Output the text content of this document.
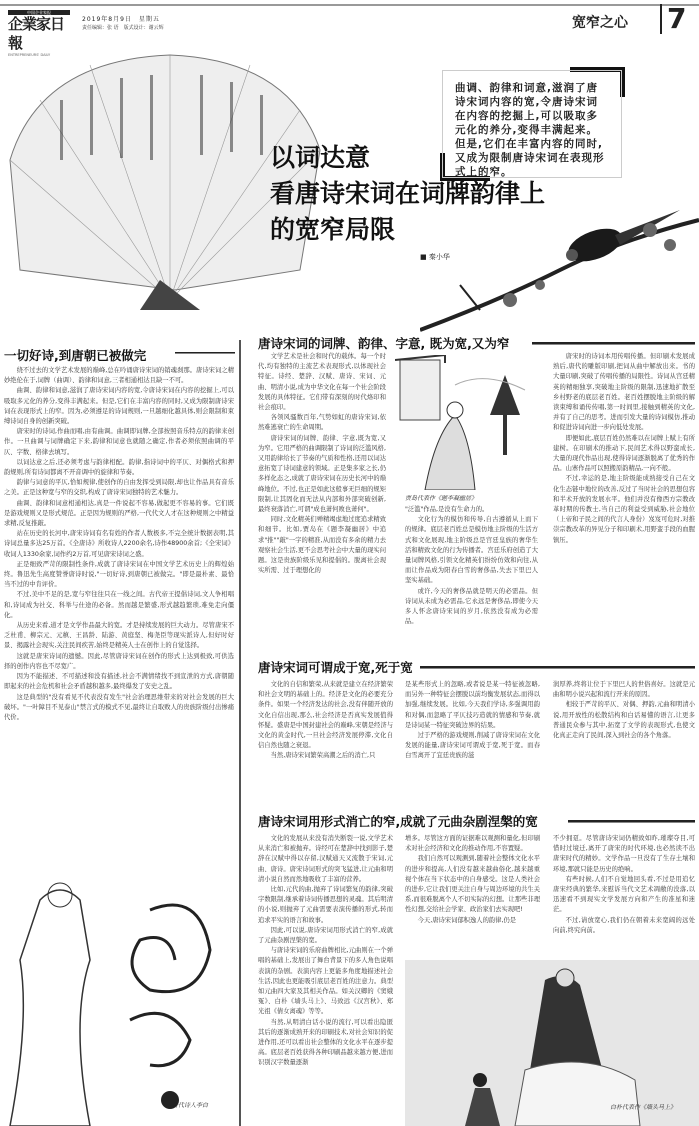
中国企业家报
企業家日報
ENTREPRENEURS' DAILY
2019年8月9日　星期五
责任编辑：张 语　版式设计：谢云辉	宽窄之心 7
以词达意
看唐诗宋词在词牌韵律上
的宽窄局限
■ 秦小华
曲调、韵律和词意,滋润了唐诗宋词内容的宽,令唐诗宋词在内容的挖掘上,可以吸取多元化的养分,变得丰满起来。但是,它们在丰富内容的同时,又成为限制唐诗宋词在表现形式上的窄。
一切好诗,到唐朝已被做完

绕不过去的文学艺术发展的巅峰,总在吟诵唐诗宋词的销魂刹那。唐诗宋词之精妙绝伦在于,词牌（曲调）、韵律和词意,三者相通相达且缺一不可。

曲调、韵律和词意,滋润了唐诗宋词内容的宽,令唐诗宋词在内容的挖掘上,可以吸取多元化的养分,变得丰满起来。但是,它们在丰富内容的同时,又成为限制唐诗宋词在表现形式上的窄。因为,必须遵足的诗词规则,一旦越细化越具体,则会限制和束缚诗词自身的创新突破。

唐宋时的诗词,作曲而唱,由有曲调。曲调即词牌,全部按照音乐特点的韵律来创作。一旦曲调与词牌确定下来,韵律和词意也就随之确定,作者必须依照曲调的平仄、字数、格律去填写。

以词达意之后,还必须考虑与韵律相配。韵律,指诗词中的平仄、对偶格式和押韵规则,所有诗词都离不开音调中的旋律和节奏。

韵律与词意的平仄,恰如规律,使创作的自由发挥受到局限,却也让作品具有音乐之美。正是这种宽与窄的交织,构成了唐诗宋词独特的艺术魅力。

曲调、韵律和词意相通相达,真是一件说起不容易,做起更不容易的事。它们既是游戏规则又是形式规范。正是因为规则的严格,一代代文人才在这种规则之中精益求精,反复推敲。

站在历史的长河中,唐宋诗词有名有姓的作者人数极多,不完全统计数据表明,其诗词总量多达25万首。《全唐诗》所收诗人2200余名,诗作48900余首;《全宋词》收词人1330余家,词作约2万首,可见唐宋诗词之盛。

正是细致严苛的限制性条件,成就了唐诗宋词在中国文学艺术历史上的辉煌始终。鲁迅先生高度赞誉唐诗时说,"一切好诗,到唐朝已被做完。"即是最朴素、最恰当不过的中肯评价。

不过,美中不足的是,宽与窄往往只在一线之间。古代帝王提倡诗词,文人争相唱和,诗词成为社交、科举与仕途的必备。然而越是繁盛,形式越趋繁琐,难免走向僵化。

从历史来看,道才是文学作品最大的宽。才是持续发展的巨大动力。尽管唐宋不乏杜甫、柳宗元、元稹、王昌龄、陆游、黄庭坚、梅尧臣等现实派诗人,但好时好景、揭露社会现实,关注民间疾苦,始终是精英人士在创作上的自觉选择。

这就是唐宋诗词的遗憾。因此,尽管唐诗宋词在创作的形式上达到极致,可供选择的创作内容也不尽宽广。

因为不能描述、不可描述和没有描述,社会不满情绪找不到宣泄的方式,唐朝随即起来的社会危机和社会矛盾越积越多,最终爆发了安史之乱。

这是典型的"没有看见不代表没有发生"社会治理思维带来的对社会发展的巨大破坏。"一叶障目不见泰山"禁言式的模式不见,最终让自取败人的贵族阶级付出惨痛代价。

唐代诗人李白
唐诗宋词的词牌、韵律、字意, 既为宽,又为窄

文学艺术是社会和时代的载体。每一个时代,均有独特的主流艺术表现形式,以体现社会特征。诗经、楚辞、汉赋、唐诗、宋词、元曲、明清小说,成为中华文化在每一个社会阶段发展的具体特征。它们带有深刻的时代烙印和社会痕印。

各领风骚数百年,气势如虹的唐诗宋词,依然难逃衰亡的生命周期。

唐诗宋词的词牌、韵律、字意,既为宽,又为窄。它用严格的曲调限制了诗词的泛滥风格,又用韵律给长了节奏的气质和性格,还用以词达意拓宽了诗词建意的领域。正是集多家之长,仍多样化态之,成就了唐诗宋词在历史长河中的巅峰地位。不过,也正是如此这般事无巨细的规矩限制,让其固化而无法从内部和外部突破创新,最终衰落消亡,可谓"成也萧何败也萧何"。

同时,文化精英们殚精竭虑地过度追求精致和细节。比如,贾岛在《题李凝幽居》中追求"推""敲"一字的精准,从而没有多余的精力去观察社会生活,更不会思考社会中大量的现实问题。这是贵族阶级乐见和提倡的。脱离社会现实所需、过于理想化的

贾岛代表作《题李凝幽居》

"泛滥"作品,是没有生命力的。

文化行为的模仿和传导,自古遵循从上而下的规律。底层老百姓总是模仿地主阶级的生活方式和文化展现,地主阶级总是宫廷皇族的奢华生活和精致文化的行为传播者。宫廷乐府创造了大量词牌风格,引领文化精英们纷纷仿效和向往,从而让作品成为阳春白雪的奢侈品,失去下里巴人坚实基础。

或许,今天的奢侈品就是明天的必需品。但诗词从未成为必需品,它永远是奢侈品,即使今天多人怀念唐诗宋词的岁月,依然没有成为必需品。

唐宋时的诗词本用传唱传播。但印刷术发展成熟后,唐代的雕版印刷,把词从曲中解放出来。书的大量印刷,突破了传唱传播的局限性。诗词从宫廷精英的精细独享,突破地主阶级的限制,迅速地扩散至乡村野老的底层老百姓。老百姓摆脱地主阶级的解读束缚和诵传传唱,第一时间里,接触到精英的文化,并有了自己的思考。进而引发大量的诗词模仿,推动和促进诗词向进一步向低处发展。

即便如此,底层百姓仍然难以在词牌上赋上有所建树。在印刷术的推动下,民间艺术得以野蛮成长,大量的现代作品出现,使得诗词逐渐脱离了优秀的作品。山寨作品可以照搬原韵精品,一向不般。

不过,幸运的是,地主阶级能成熟接受自己在文化生态链中地位的改善,反过了当时社会的思想包容和半术开放的发展水平。他们并没有像西方宗教改革时期的传教士,当自己的利益受到威胁,社会地位（上帝和子民之间的代言人身份）岌岌可危时,对推崇宗教改革的异见分子和印刷术,用野蛮手段的血腥镇压。

唐诗宋词可谓成于宽,死于宽

文化的自信和繁荣,从来就是建立在经济繁荣和社会文明的基础上的。经济是文化的必要充分条件。如果一个经济发达的社会,没有伴随开放的文化自信出现,那么,社会经济是否真实发展值得怀疑。盛唐是中国封建社会的巅峰,宋朝是经济与文化的黄金时代,一旦社会经济发展停滞,文化自信自然也随之衰退。

当然,唐诗宋词繁荣高潮之后的消亡,只

是某些形式上的忽略,或者说是某一特征被忽略,而另外一种特征会摆脱以前均衡发展状态,而得以加强,继续发展。比如,今天我们学诗,多强调用韵和对偶,而忽略了平仄技巧造就的情感和节奏,就是诗词某一特征突破边界的结果。

过于严格的游戏规则,削减了唐诗宋词在文化发展的能量,唐诗宋词可谓成于宽,死于宽。而春白雪离开了宜廷贵族的滋

润厚养,终将让位于下里巴人的世俗喜好。这就是元曲和明小说兴起和流行开来的原因。

相较于严苛的平仄、对偶、押韵,元曲和明清小说,用开放性的松散结构和白话易懂的语言,让更多普通民众参与其中,拓宽了文学的表现形式,也使文化真正走向了民间,深入到社会的各个角落。

唐诗宋词用形式消亡的窄,成就了元曲杂剧涅槃的宽

文化的发展从来没有消失断裂一说,文学艺术从来消亡和被抛弃。诗经可在楚辞中找到影子,楚辞在汉赋中得以存留,汉赋通天又流散于宋词,元曲、唐诗。唐宋诗词形式的突飞猛进,让元曲和明清小说自然而然地吸收了丰富的营养。

比如,元代的曲,抛弃了诗词繁复的韵律,突破字数限制,继承着诗词传播思想的灵魂。其后明清的小说,则抛弃了元曲需要表演传播的形式,转而追求平实的语言和故事。

因此,可以说,唐诗宋词用形式消亡的窄,成就了元曲杂剧涅槃的宽。

与唐诗宋词的乐府曲牌相比,元曲则在一个弹唱的基础上,发展出了舞台背景下的多人角色说唱表演的杂剧。表演内容上更能多角度地描述社会生活,因此也更能吸引底层老百姓的注意力。典型如元曲四大家及其相关作品。如关汉卿的《窦娥冤》、白朴《墙头马上》、马致远《汉宫秋》、郑光祖《倩女离魂》等等。

当然,从明清白话小说的流行,可以看出隐匿其后的逐渐成熟开来的印刷技术,对社会知识的促进作用,还可以看出社会整体的文化水平在逐步提高。底层老百姓获得各种印刷品越来越方便,进而识别汉字数量逐渐

增多。尽管这方面的证据难以观测和量化,但印刷术对社会经济和文化的推动作用,不容置疑。

我们自然可以观测到,随着社会整体文化水平的进步和提高,人们没有越来越曲俗化,越来越重视个体在当下状态中的自身感受。这是人类社会的进步,它让我们更关注自身与周边环境的共生关系,而很难脱离个人不切实际的幻想。让那些非理性幻想,交给社会学家、政治家们去实现吧!

今天,唐诗宋词郁积逸人的韵律,仍是

不少拥趸。尽管唐诗宋词仍精致如昨,璀璨夺目,可惜时过境迁,离开了唐宋的时代环境,也必然读不出唐宋时代的精妙。文学作品一旦没有了生存土壤和环境,那就只能是历史的绝响。

有些时候,人们不自觉地回头看,不过是用追忆唐宋经典的繁华,来慰诉当代文艺术凋敝的没落,以迅速看不到现实文学发展方向和产生的准星和迷茫。

不过,请放宽心,我们仍在朝着未来宽阔的远处向前,终究向前。

白朴代表作《墙头马上》
